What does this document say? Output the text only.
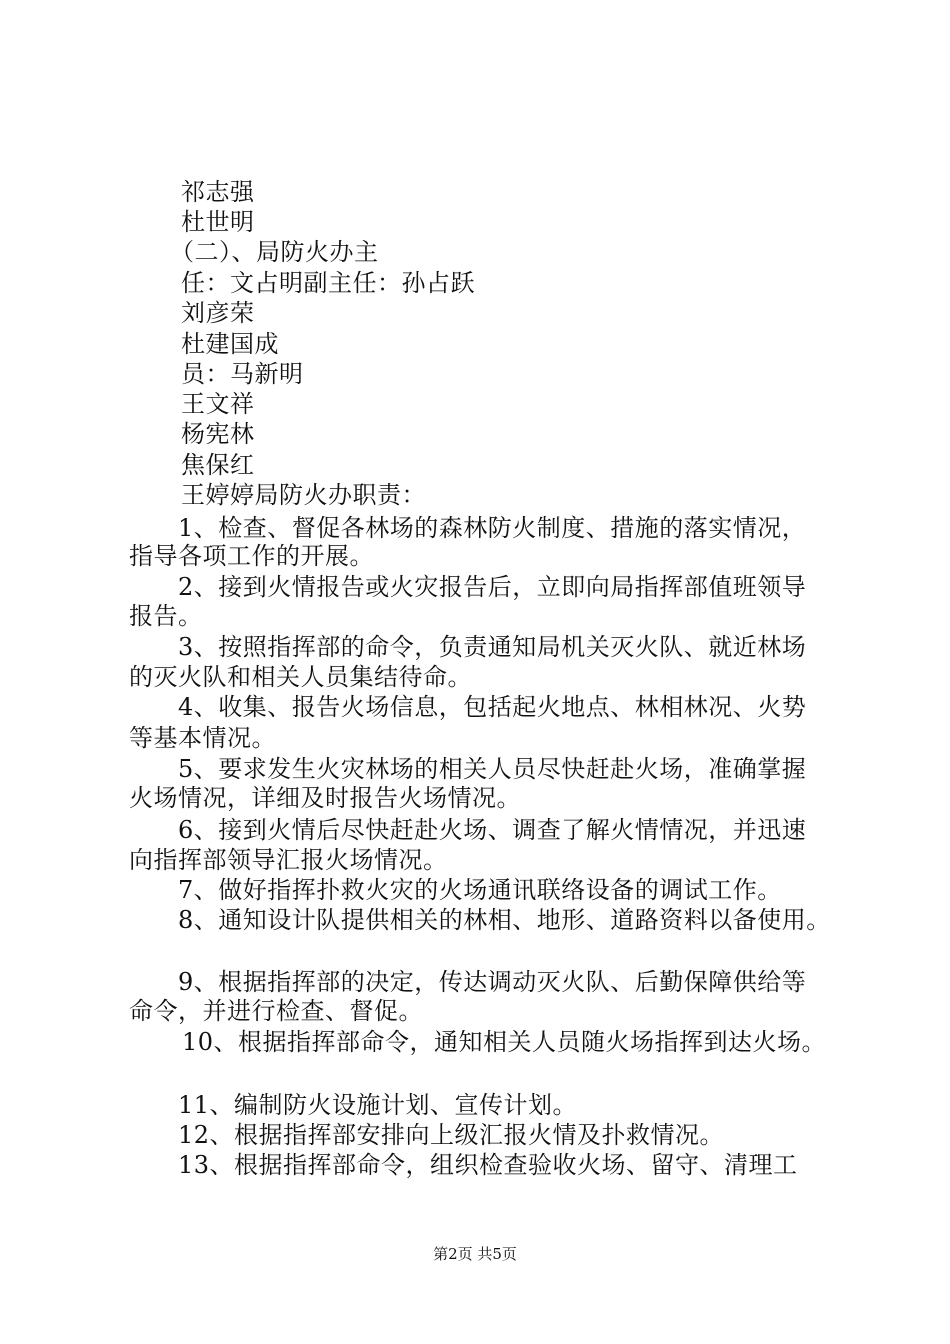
祁志强
杜世明
（二）、局防火办主
任：文占明副主任：孙占跃
刘彦荣
杜建国成
员：马新明
王文祥
杨宪林
焦保红
王婷婷局防火办职责：
1、检查、督促各林场的森林防火制度、措施的落实情况，
指导各项工作的开展。
2、接到火情报告或火灾报告后，立即向局指挥部值班领导
报告。
3、按照指挥部的命令，负责通知局机关灭火队、就近林场
的灭火队和相关人员集结待命。
4、收集、报告火场信息，包括起火地点、林相林况、火势
等基本情况。
5、要求发生火灾林场的相关人员尽快赶赴火场，准确掌握
火场情况，详细及时报告火场情况。
6、接到火情后尽快赶赴火场、调查了解火情情况，并迅速
向指挥部领导汇报火场情况。
7、做好指挥扑救火灾的火场通讯联络设备的调试工作。
8、通知设计队提供相关的林相、地形、道路资料以备使用。
9、根据指挥部的决定，传达调动灭火队、后勤保障供给等
命令，并进行检查、督促。
10、根据指挥部命令，通知相关人员随火场指挥到达火场。
11、编制防火设施计划、宣传计划。
12、根据指挥部安排向上级汇报火情及扑救情况。
13、根据指挥部命令，组织检查验收火场、留守、清理工
第2页 共5页
